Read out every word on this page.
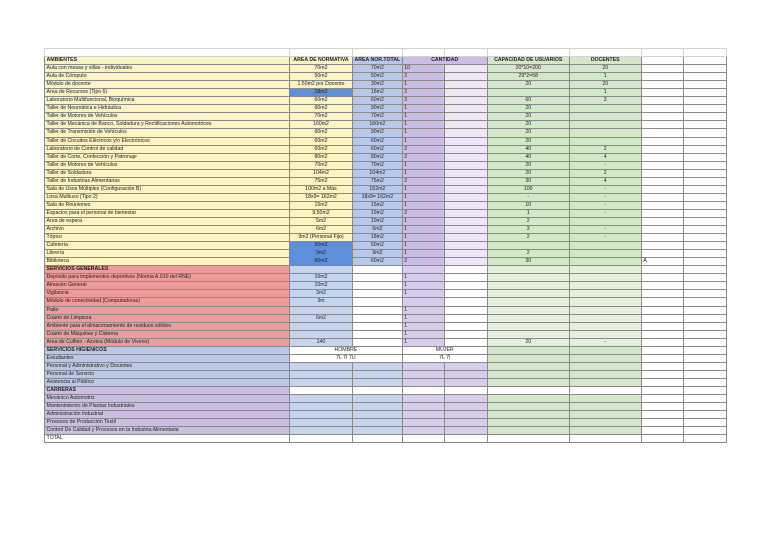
AMBIENTES	AREA DE NORMATIVA	AREA NOR.TOTAL	CANTIDAD		CAPACIDAD DE USUARIOS	DOCENTES		
Aula con mesas y sillas - individuales	70m2	70m2	10		20*10=200	20		
Aula de Cómputo	50m2	50m2	2		29*2=58	1		
Módulo de docente	1.50m2 por Docente	30m2	1		20	20		
Área de Recursos (Tipo 6)	18m2	18m2	2			1		
Laboratorio Multifuncional, Bioquímica	60m2	60m2	3		60	3		
Taller de Neumática e Hidráulica	90m2	90m2	1		20			
Taller de Motores de Vehículos	70m2	70m2	1		20			
Taller de Mecánica de Banco, Soldadura y Rectificaciones Automotrices	160m2	160m2	1		20			
Taller de Transmisión de Vehículos	90m2	90m2	1		20			
Taller de Circuitos Eléctricos y/o Electrónicos	60m2	60m2	1		20			
Laboratorio de Control de calidad	60m2	60m2	2		40	2		
Taller de Corte, Confección y Patronaje	80m2	80m2	2		40	4		
Taller de Motores de Vehículos	70m2	70m2	1		20	-		
Taller de Soldadura	104m2	104m2	1		20	2		
Taller de Industrias Alimentarias	75m2	75m2	2		30	4		
Sala de Usos Múltiples (Configuración B)	100m2 a Más	152m2	1		100	-		
Losa Multiuso (Tipo 2)	18x9= 162m2	18x9= 162m2	1		-	-		
Sala de Reuniones	15m2	15m2	1		10	-		
Espacios para el personal de bienestar	9.50m2	19m2	2		1	-		
Área de espera	5m2	10m2	1		2			
Archivo	6m2	6m2	1		3	-		
Tópico	9m2 (Personal Fijo)	18m2	1		2	-		
Cafetería	50m2	50m2	1					
Librería	9m2	9m2	1		2			
Biblioteca	60m2	60m2	2		30		A.	
SERVICIOS GENERALES								
Depósito para implementos deportivos (Norma A.010 del RNE)	16m2		1					
Almacén General	10m2		1					
Vigilancia	3m2		1					
Módulo de conectividad (Computadoras)	3m							
Patio			1					
Cuarto de Limpieza	6m2		1					
Ambiente para el almacenamiento de residuos sólidos			1					
Cuarto de Máquinas y Cisterna			1					
Área de Culfieo - Azotea (Módulo de Viveno)	140		1		20	-		
SERVICIOS HIGIENICOS	HOMBRE		MUJER					
Estudiantes	7L 7I 7U		7L 7I					
Personal y Administrativo y Docentes								
Personal de Servicio								
Asistencia al Público								
CARRERAS								
Mecánico Automotriz								
Mantenimiento de Plantas Industriales								
Administración Industrial								
Procesos de Producción Textil								
Control De Calidad y Procesos en la Industria Alimentaria								
TOTAL								
